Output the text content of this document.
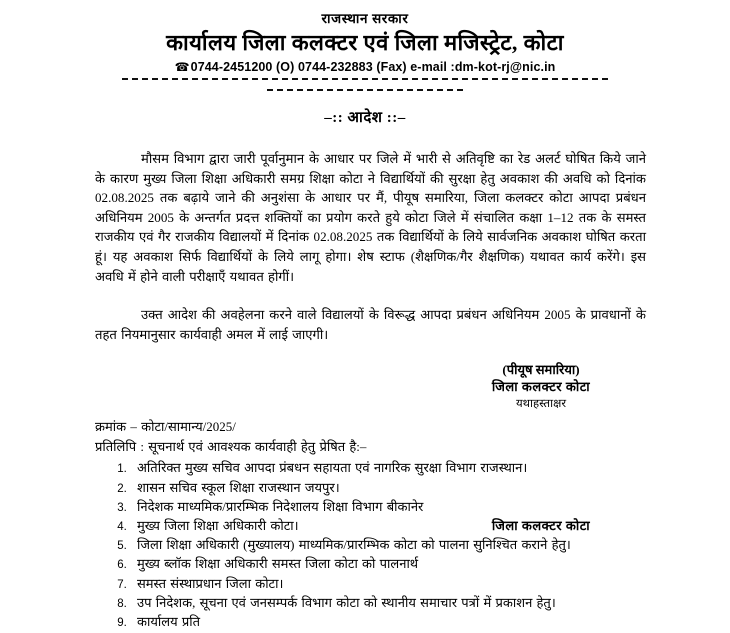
राजस्थान सरकार
कार्यालय जिला कलक्टर एवं जिला मजिस्ट्रेट, कोटा
☎0744-2451200 (O) 0744-232883 (Fax) e-mail :dm-kot-rj@nic.in
–:: आदेश ::–

मौसम विभाग द्वारा जारी पूर्वानुमान के आधार पर जिले में भारी से अतिवृष्टि का रेड अलर्ट घोषित किये जाने के कारण मुख्य जिला शिक्षा अधिकारी समग्र शिक्षा कोटा ने विद्यार्थियों की सुरक्षा हेतु अवकाश की अवधि को दिनांक 02.08.2025 तक बढ़ाये जाने की अनुशंसा के आधार पर मैं, पीयूष समारिया, जिला कलक्टर कोटा आपदा प्रबंधन अधिनियम 2005 के अन्तर्गत प्रदत्त शक्तियों का प्रयोग करते हुये कोटा जिले में संचालित कक्षा 1–12 तक के समस्त राजकीय एवं गैर राजकीय विद्यालयों में दिनांक 02.08.2025 तक विद्यार्थियों के लिये सार्वजनिक अवकाश घोषित करता हूं। यह अवकाश सिर्फ विद्यार्थियों के लिये लागू होगा। शेष स्टाफ (शैक्षणिक/गैर शैक्षणिक) यथावत कार्य करेंगे। इस अवधि में होने वाली परीक्षाएँ यथावत होगीं।

उक्त आदेश की अवहेलना करने वाले विद्यालयों के विरूद्ध आपदा प्रबंधन अधिनियम 2005 के प्रावधानों के तहत नियमानुसार कार्यवाही अमल में लाई जाएगी।

(पीयूष समारिया)
जिला कलक्टर कोटा
यथाहस्ताक्षर
क्रमांक – कोटा/सामान्य/2025/
प्रतिलिपि : सूचनार्थ एवं आवश्यक कार्यवाही हेतु प्रेषित है:–
1. अतिरिक्त मुख्य सचिव आपदा प्रंबधन सहायता एवं नागरिक सुरक्षा विभाग राजस्थान।
2. शासन सचिव स्कूल शिक्षा राजस्थान जयपुर।
3. निदेशक माध्यमिक/प्रारम्भिक निदेशालय शिक्षा विभाग बीकानेर
4. मुख्य जिला शिक्षा अधिकारी कोटा।
5. जिला शिक्षा अधिकारी (मुख्यालय) माध्यमिक/प्रारम्भिक कोटा को पालना सुनिश्चित कराने हेतु।
6. मुख्य ब्लॉक शिक्षा अधिकारी समस्त जिला कोटा को पालनार्थ
7. समस्त संस्थाप्रधान जिला कोटा।
8. उप निदेशक, सूचना एवं जनसम्पर्क विभाग कोटा को स्थानीय समाचार पत्रों में प्रकाशन हेतु।
9. कार्यालय प्रति
जिला कलक्टर कोटा
